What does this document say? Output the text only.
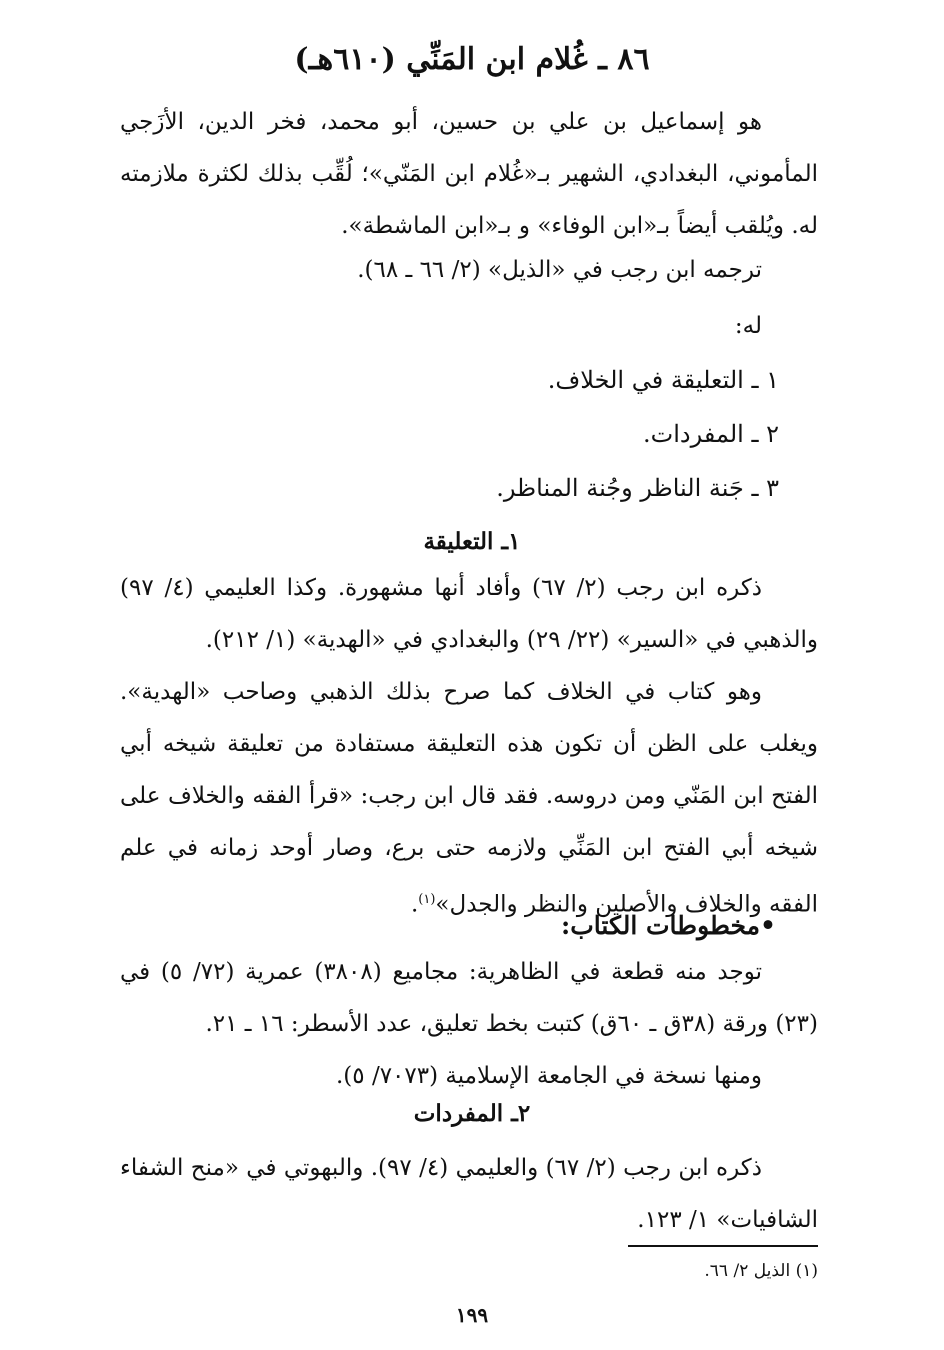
٨٦ ـ غُلام ابن المَنِّي (٦١٠هـ)

هو إسماعيل بن علي بن حسين، أبو محمد، فخر الدين، الأزَجي المأموني، البغدادي، الشهير بـ«غُلام ابن المَنّي»؛ لُقِّب بذلك لكثرة ملازمته له. ويُلقب أيضاً بـ«ابن الوفاء» و بـ«ابن الماشطة».

ترجمه ابن رجب في «الذيل» (٢/ ٦٦ ـ ٦٨).

له:

١ ـ التعليقة في الخلاف.
٢ ـ المفردات.
٣ ـ جَنة الناظر وجُنة المناظر.
١ـ التعليقة

ذكره ابن رجب (٢/ ٦٧) وأفاد أنها مشهورة. وكذا العليمي (٤/ ٩٧) والذهبي في «السير» (٢٢/ ٢٩) والبغدادي في «الهدية» (١/ ٢١٢).

وهو كتاب في الخلاف كما صرح بذلك الذهبي وصاحب «الهدية». ويغلب على الظن أن تكون هذه التعليقة مستفادة من تعليقة شيخه أبي الفتح ابن المَنّي ومن دروسه. فقد قال ابن رجب: «قرأ الفقه والخلاف على شيخه أبي الفتح ابن المَنِّي ولازمه حتى برع، وصار أوحد زمانه في علم الفقه والخلاف والأصلين والنظر والجدل»$^{(١)}$.

•مخطوطات الكتاب:

توجد منه قطعة في الظاهرية: مجاميع (٣٨٠٨) عمرية (٧٢/ ٥) في (٢٣) ورقة (٣٨ق ـ ٦٠ق) كتبت بخط تعليق، عدد الأسطر: ١٦ ـ ٢١.

ومنها نسخة في الجامعة الإسلامية (٧٠٧٣/ ٥).

٢ـ المفردات

ذكره ابن رجب (٢/ ٦٧) والعليمي (٤/ ٩٧). والبهوتي في «منح الشفاء الشافيات» ١/ ١٢٣.

(١) الذيل ٢/ ٦٦.
١٩٩
